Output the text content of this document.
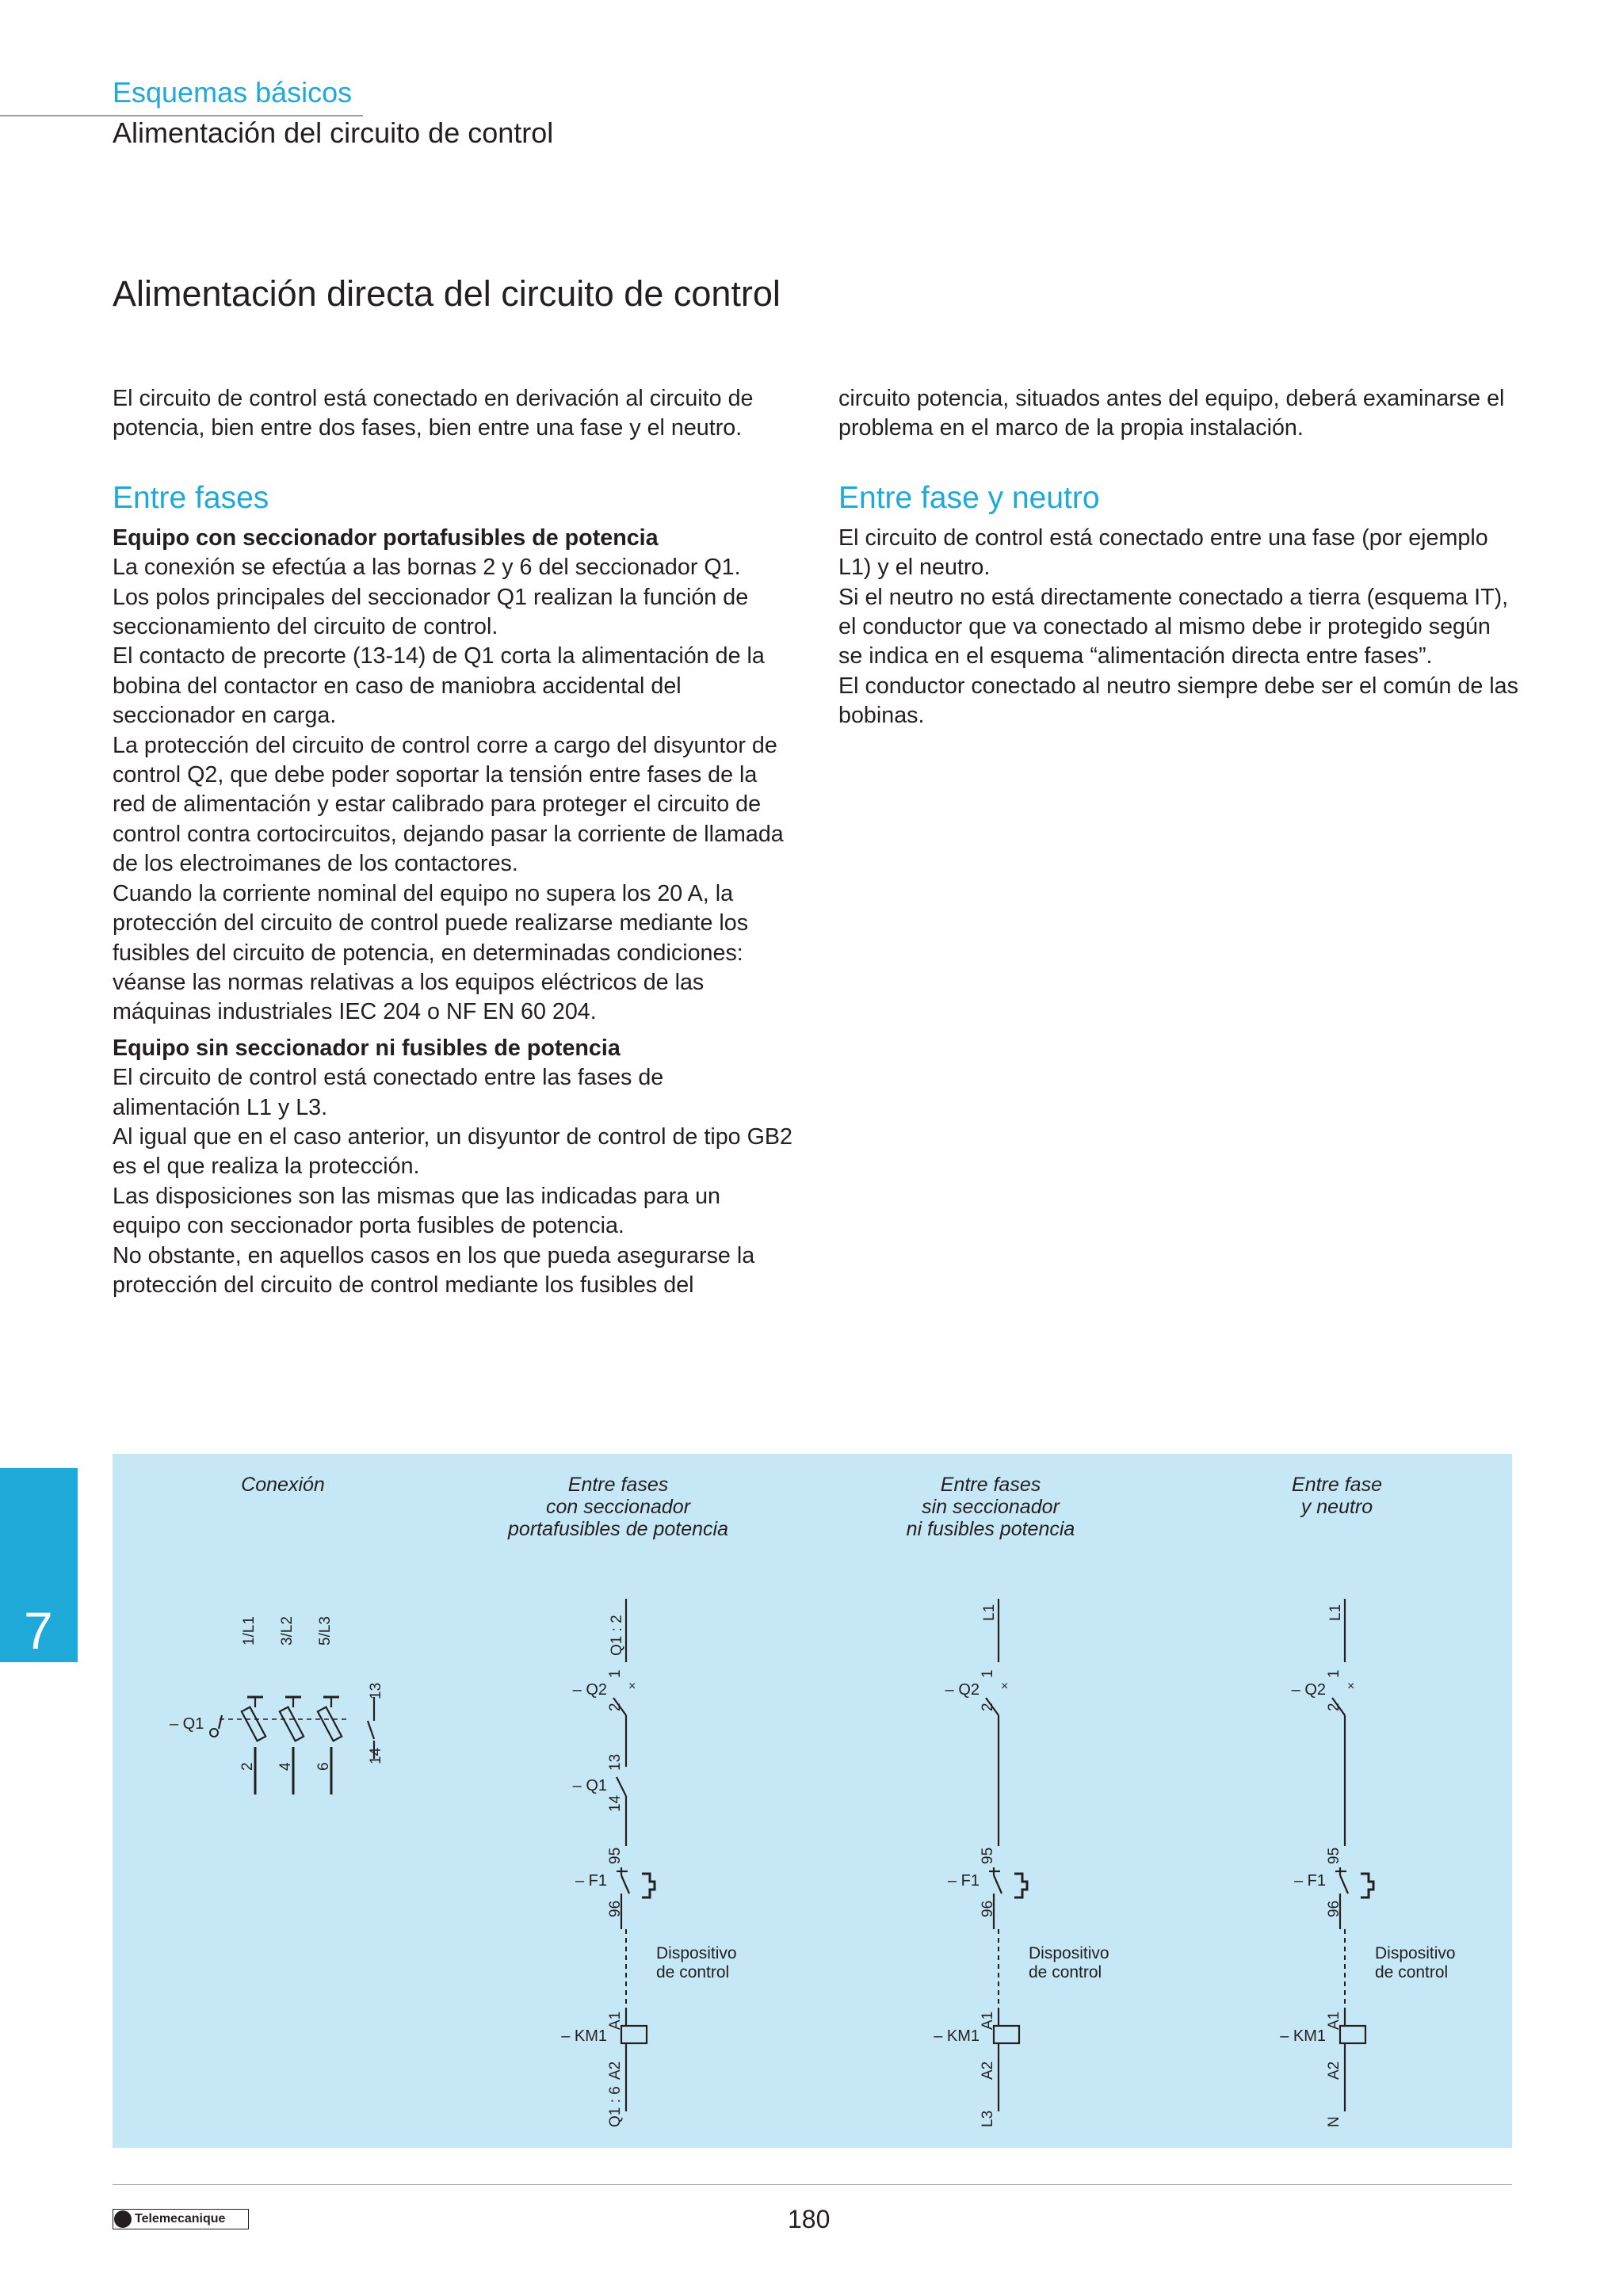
Esquemas básicos
Alimentación del circuito de control
Alimentación directa del circuito de control

El circuito de control está conectado en derivación al circuito de potencia, bien entre dos fases, bien entre una fase y el neutro.

Entre fases
Equipo con seccionador portafusibles de potencia

La conexión se efectúa a las bornas 2 y 6 del seccionador Q1.

Los polos principales del seccionador Q1 realizan la función de seccionamiento del circuito de control.

El contacto de precorte (13-14) de Q1 corta la alimentación de la bobina del contactor en caso de maniobra accidental del seccionador en carga.

La protección del circuito de control corre a cargo del disyuntor de control Q2, que debe poder soportar la tensión entre fases de la red de alimentación y estar calibrado para proteger el circuito de control contra cortocircuitos, dejando pasar la corriente de llamada de los electroimanes de los contactores.

Cuando la corriente nominal del equipo no supera los 20 A, la protección del circuito de control puede realizarse mediante los fusibles del circuito de potencia, en determinadas condiciones: véanse las normas relativas a los equipos eléctricos de las máquinas industriales IEC 204 o NF EN 60 204.

Equipo sin seccionador ni fusibles de potencia

El circuito de control está conectado entre las fases de alimentación L1 y L3.

Al igual que en el caso anterior, un disyuntor de control de tipo GB2 es el que realiza la protección.

Las disposiciones son las mismas que las indicadas para un equipo con seccionador porta fusibles de potencia.

No obstante, en aquellos casos en los que pueda asegurarse la protección del circuito de control mediante los fusibles del

circuito potencia, situados antes del equipo, deberá examinarse el problema en el marco de la propia instalación.

Entre fase y neutro

El circuito de control está conectado entre una fase (por ejemplo L1) y el neutro.

Si el neutro no está directamente conectado a tierra (esquema IT), el conductor que va conectado al mismo debe ir protegido según se indica en el esquema “alimentación directa entre fases”.

El conductor conectado al neutro siempre debe ser el común de las bobinas.

7
Conexión	Entre fases
con seccionador
portafusibles de potencia
Entre fases
sin seccionador
ni fusibles potencia
Entre fase
y neutro
1/L1
2
3/L2
4
5/L3
6
– Q1
13
14
Q1 : 2
1
×
2
– Q2
13
14
– Q1
95
96
– F1
Dispositivo
de control
A1
– KM1
A2
Q1 : 6
L1
1
×
2
– Q2
95
96
– F1
Dispositivo
de control
A1
– KM1
A2
L3
L1
1
×
2
– Q2
95
96
– F1
Dispositivo
de control
A1
– KM1
A2
N
Telemecanique	180
